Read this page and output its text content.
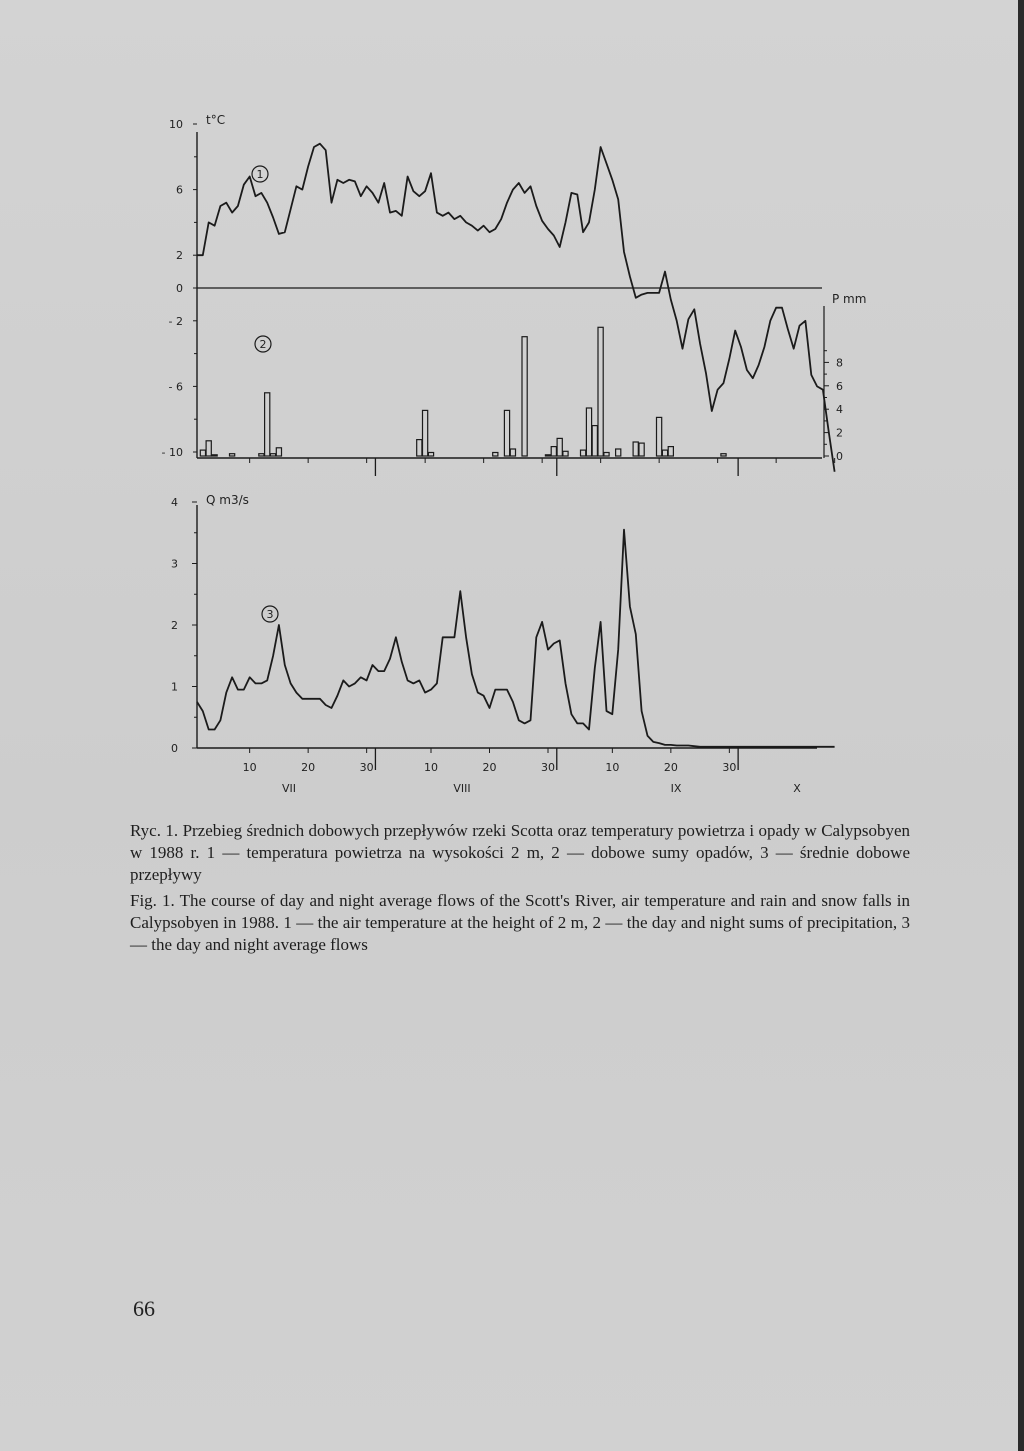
10
6
2
0
- 2
- 6
- 10
t°C
1
8
6
4
2
0
P mm
2
4
3
2
1
0
Q m3/s
3
10	20	30	10	20	30	10	20	30
VII	VIII	IX	X

Ryc. 1. Przebieg średnich dobowych przepływów rzeki Scotta oraz temperatury powietrza i opady w Calypsobyen w 1988 r. 1 — temperatura powietrza na wysokości 2 m, 2 — dobowe sumy opadów, 3 — średnie dobowe przepływy

Fig. 1. The course of day and night average flows of the Scott's River, air temperature and rain and snow falls in Calypsobyen in 1988. 1 — the air temperature at the height of 2 m, 2 — the day and night sums of precipitation, 3 — the day and night average flows

66
